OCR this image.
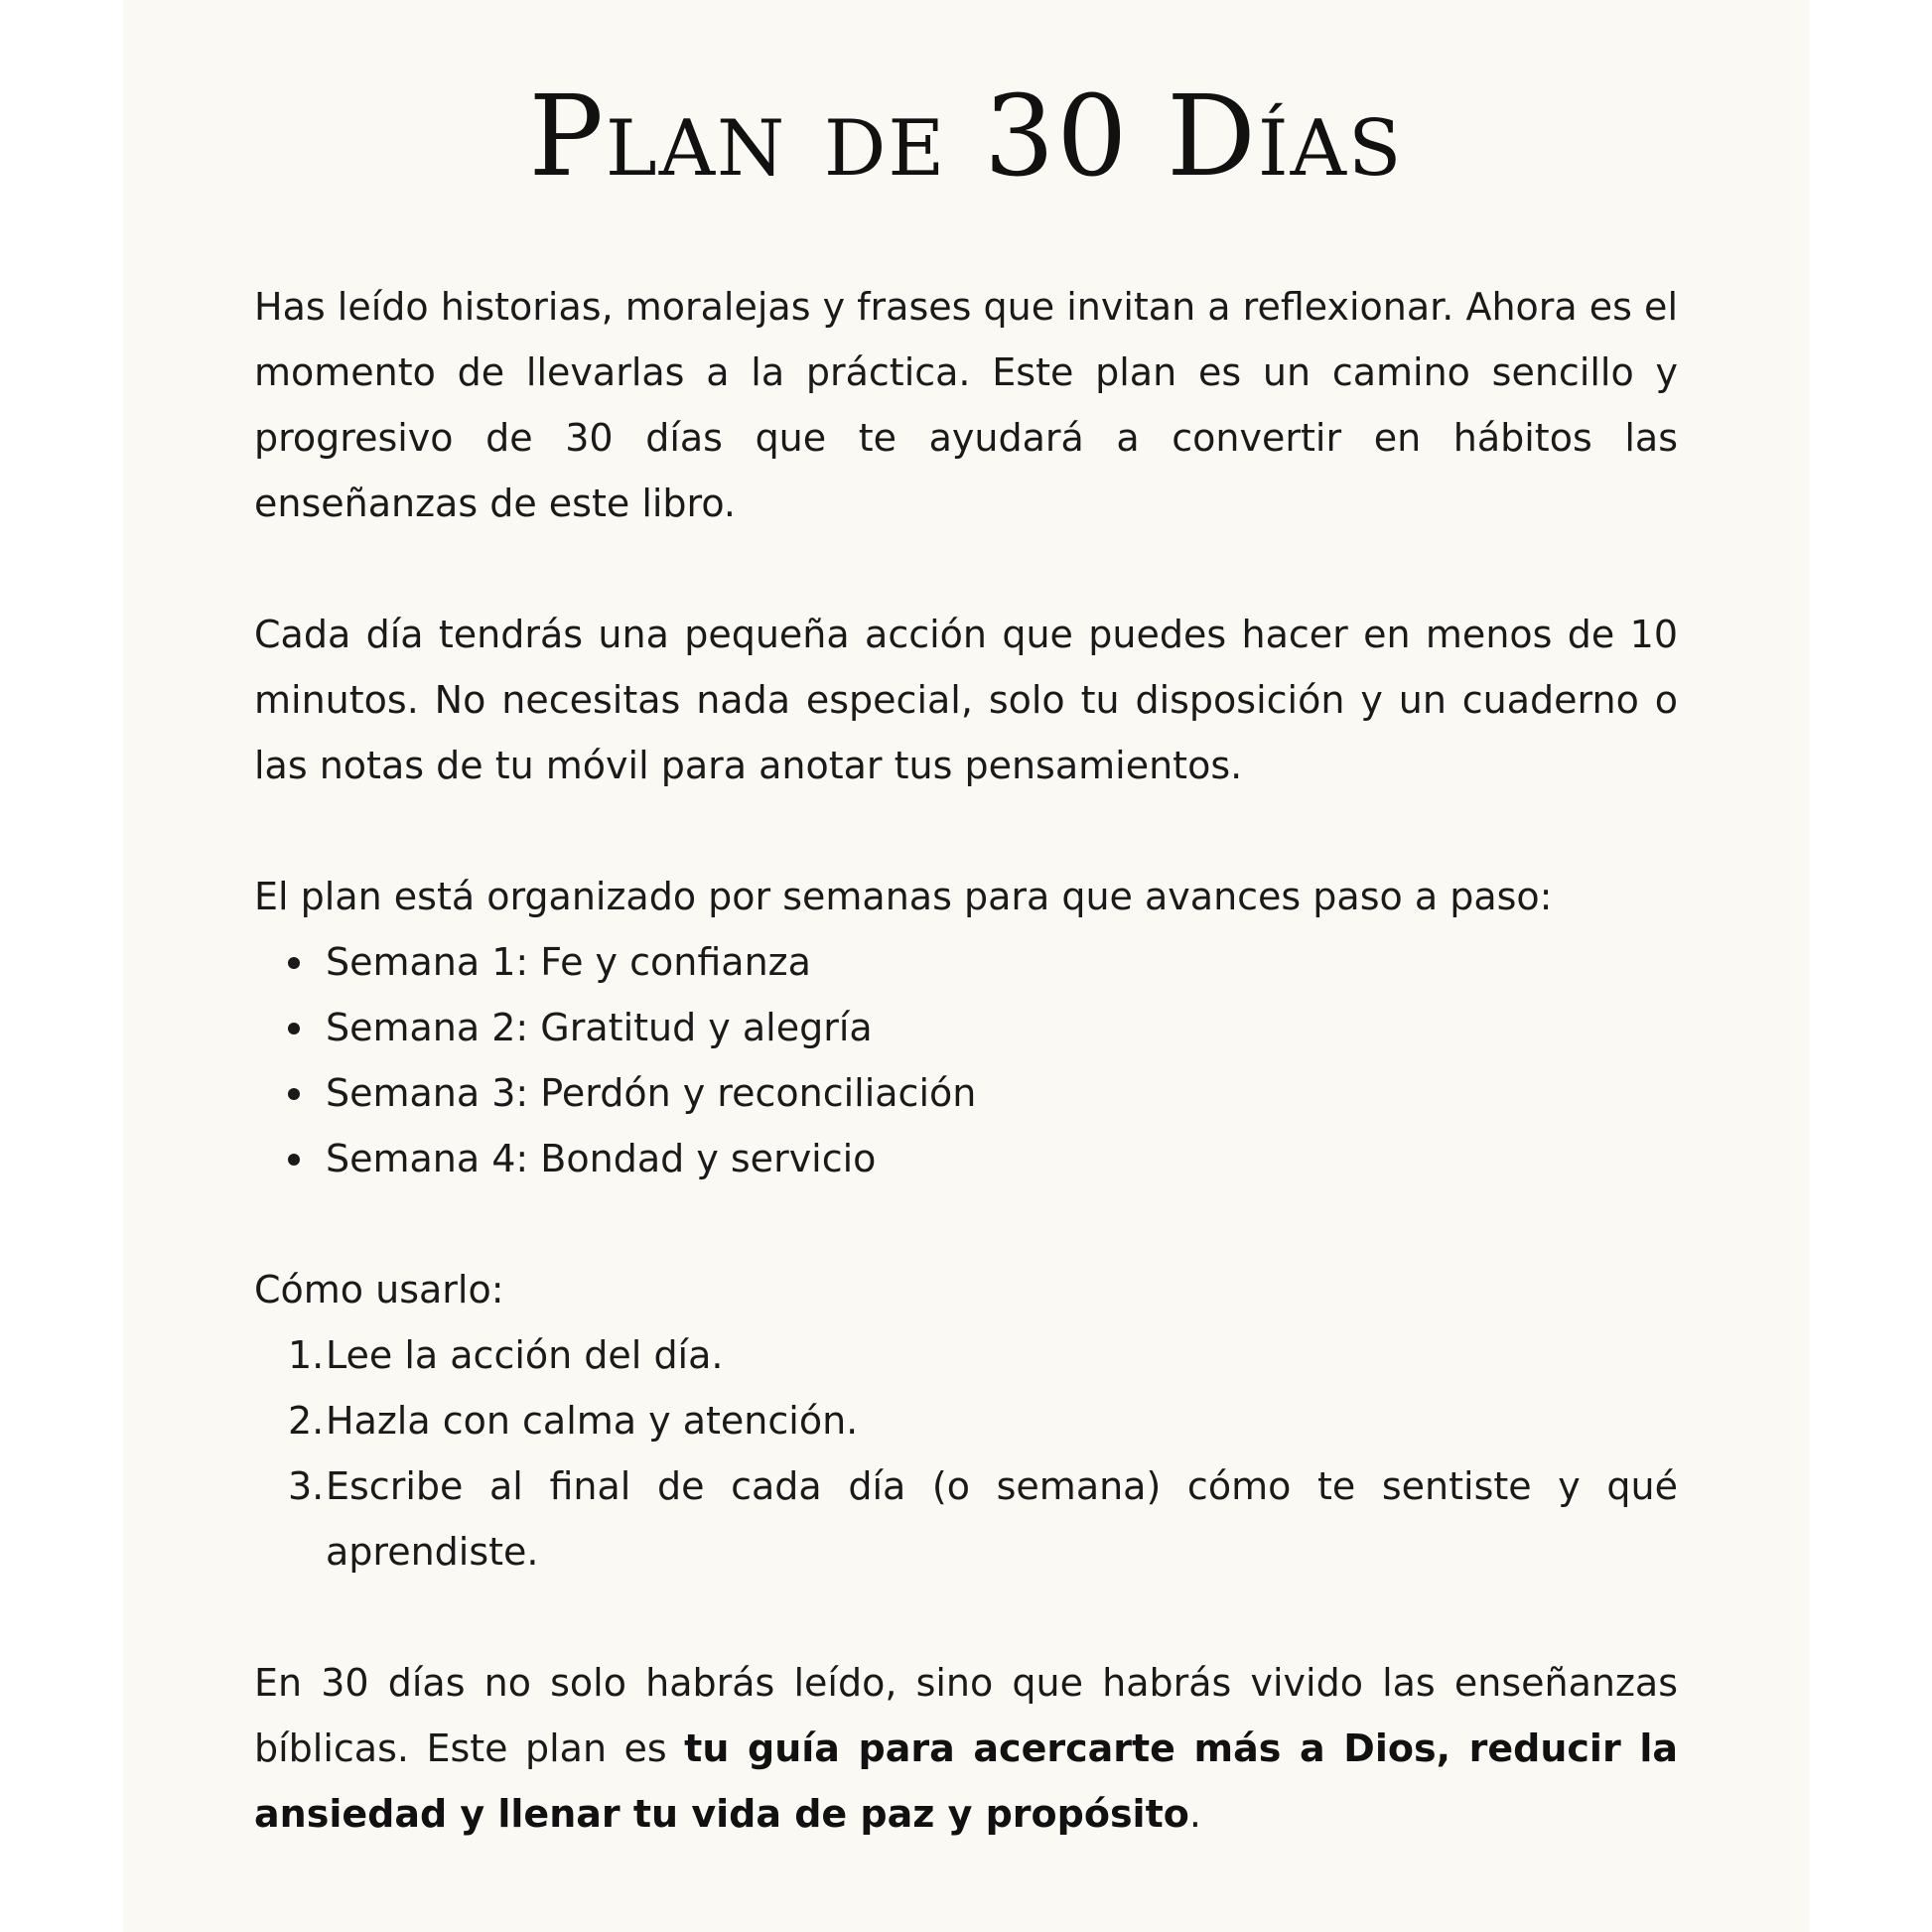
Plan de 30 Días

Has leído historias, moralejas y frases que invitan a reflexionar. Ahora es el momento de llevarlas a la práctica. Este plan es un camino sencillo y progresivo de 30 días que te ayudará a convertir en hábitos las enseñanzas de este libro.

Cada día tendrás una pequeña acción que puedes hacer en menos de 10 minutos. No necesitas nada especial, solo tu disposición y un cuaderno o las notas de tu móvil para anotar tus pensamientos.

El plan está organizado por semanas para que avances paso a paso:

Semana 1: Fe y confianza
Semana 2: Gratitud y alegría
Semana 3: Perdón y reconciliación
Semana 4: Bondad y servicio

Cómo usarlo:

1. Lee la acción del día.
2. Hazla con calma y atención.
3. Escribe al final de cada día (o semana) cómo te sentiste y qué aprendiste.

En 30 días no solo habrás leído, sino que habrás vivido las enseñanzas bíblicas. Este plan es tu guía para acercarte más a Dios, reducir la ansiedad y llenar tu vida de paz y propósito.
